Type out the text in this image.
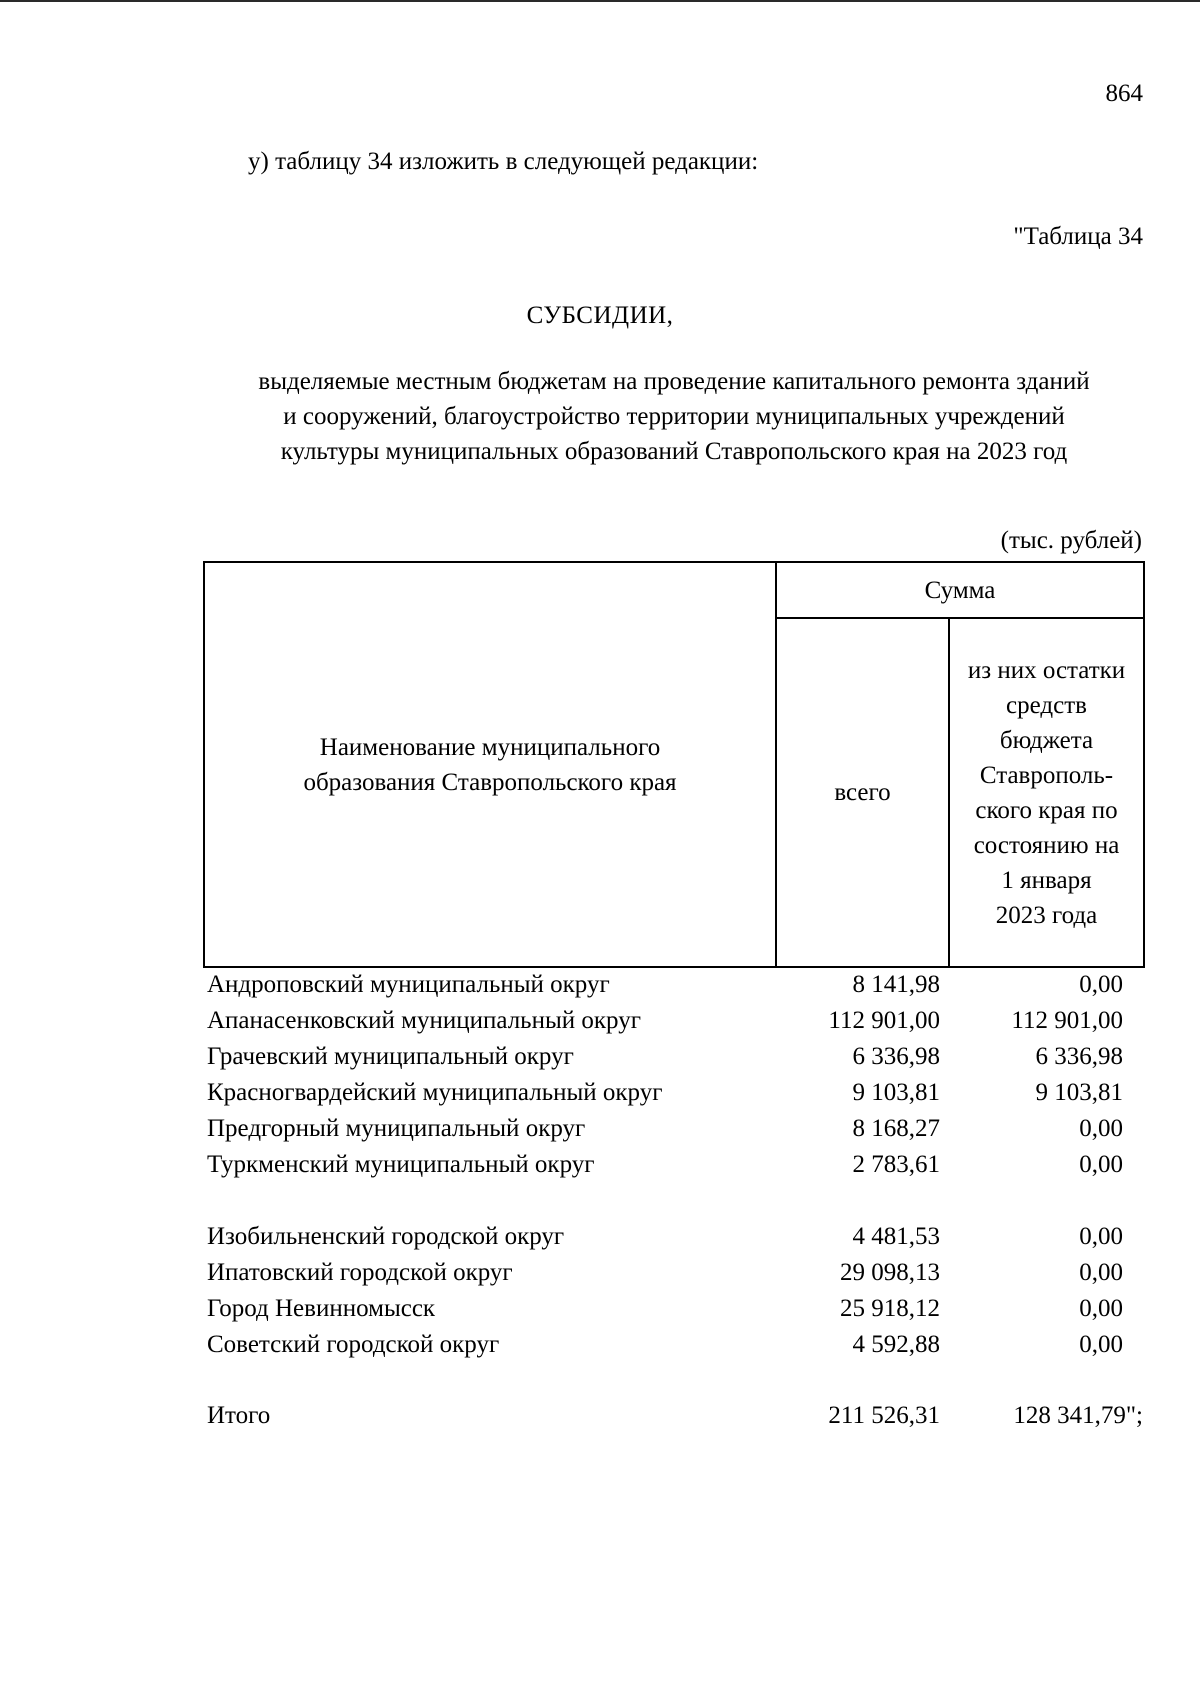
864
у) таблицу 34 изложить в следующей редакции:
"Таблица 34
СУБСИДИИ,
выделяемые местным бюджетам на проведение капитального ремонта зданий
и сооружений, благоустройство территории муниципальных учреждений
культуры муниципальных образований Ставропольского края на 2023 год
(тыс. рублей)
Наименование муниципального
образования Ставропольского края
Сумма
всего
из них остатки
средств
бюджета
Ставрополь-
ского края по
состоянию на
1 января
2023 года
Андроповский муниципальный округ	8 141,98	0,00
Апанасенковский муниципальный округ	112 901,00	112 901,00
Грачевский муниципальный округ	6 336,98	6 336,98
Красногвардейский муниципальный округ	9 103,81	9 103,81
Предгорный муниципальный округ	8 168,27	0,00
Туркменский муниципальный округ	2 783,61	0,00
Изобильненский городской округ	4 481,53	0,00
Ипатовский городской округ	29 098,13	0,00
Город Невинномысск	25 918,12	0,00
Советский городской округ	4 592,88	0,00
Итого	211 526,31	128 341,79";
